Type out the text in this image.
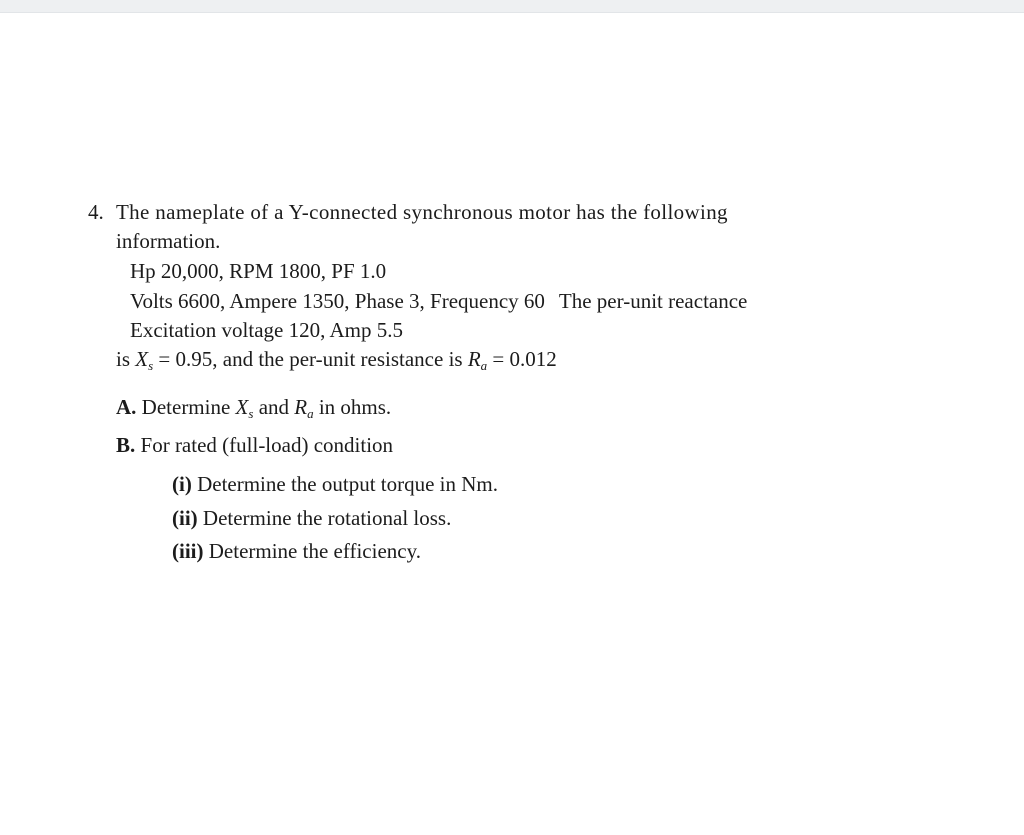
4. The nameplate of a Y-connected synchronous motor has the following
information.
Hp 20,000, RPM 1800, PF 1.0
Volts 6600, Ampere 1350, Phase 3, Frequency 60 The per-unit reactance
Excitation voltage 120, Amp 5.5
is $X_s = 0.95$, and the per-unit resistance is $R_a = 0.012$
A. Determine $X_s$ and $R_a$ in ohms.
B. For rated (full-load) condition
(i) Determine the output torque in Nm.
(ii) Determine the rotational loss.
(iii) Determine the efficiency.
